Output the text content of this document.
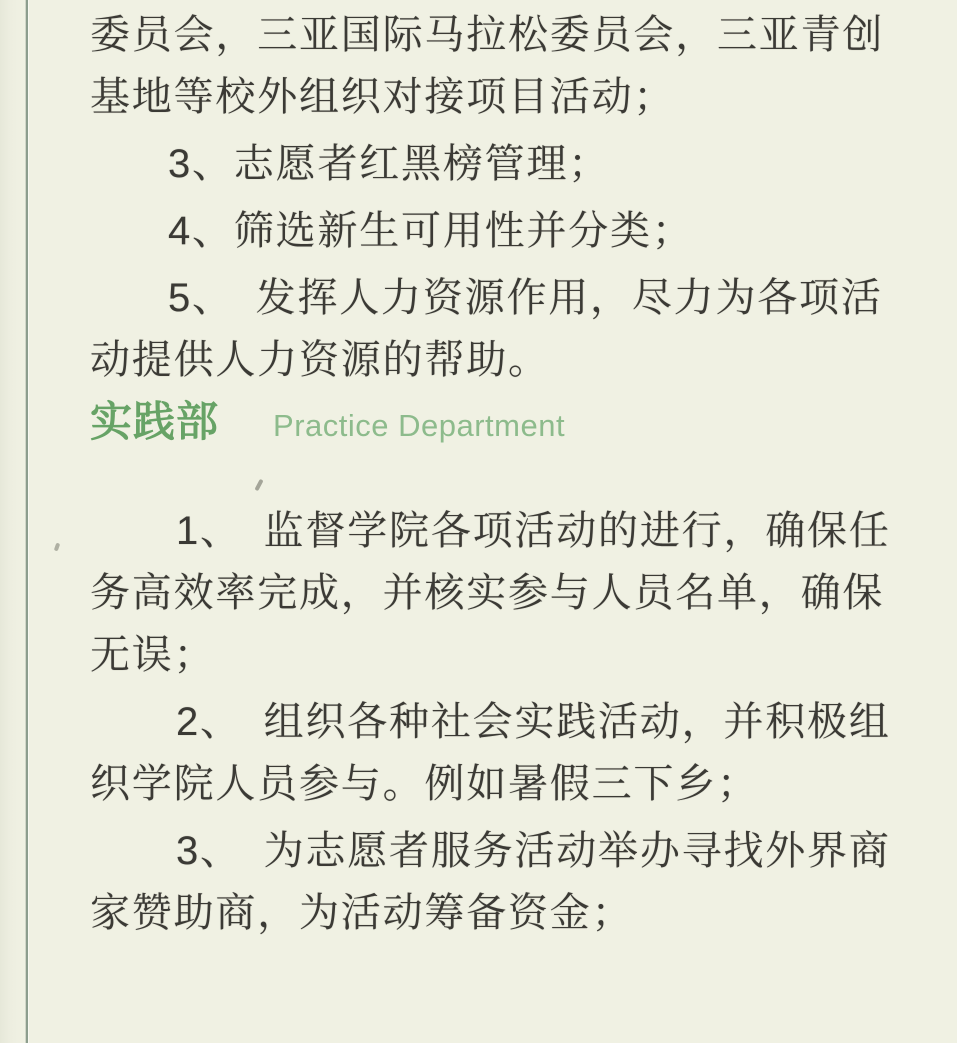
委员会，三亚国际马拉松委员会，三亚青创
基地等校外组织对接项目活动；
3、志愿者红黑榜管理；
4、筛选新生可用性并分类；
5、　发挥人力资源作用，尽力为各项活
动提供人力资源的帮助。
实践部 Practice Department
1、　监督学院各项活动的进行，确保任
务高效率完成，并核实参与人员名单，确保
无误；
2、　组织各种社会实践活动，并积极组
织学院人员参与。例如暑假三下乡；
3、　为志愿者服务活动举办寻找外界商
家赞助商，为活动筹备资金；
